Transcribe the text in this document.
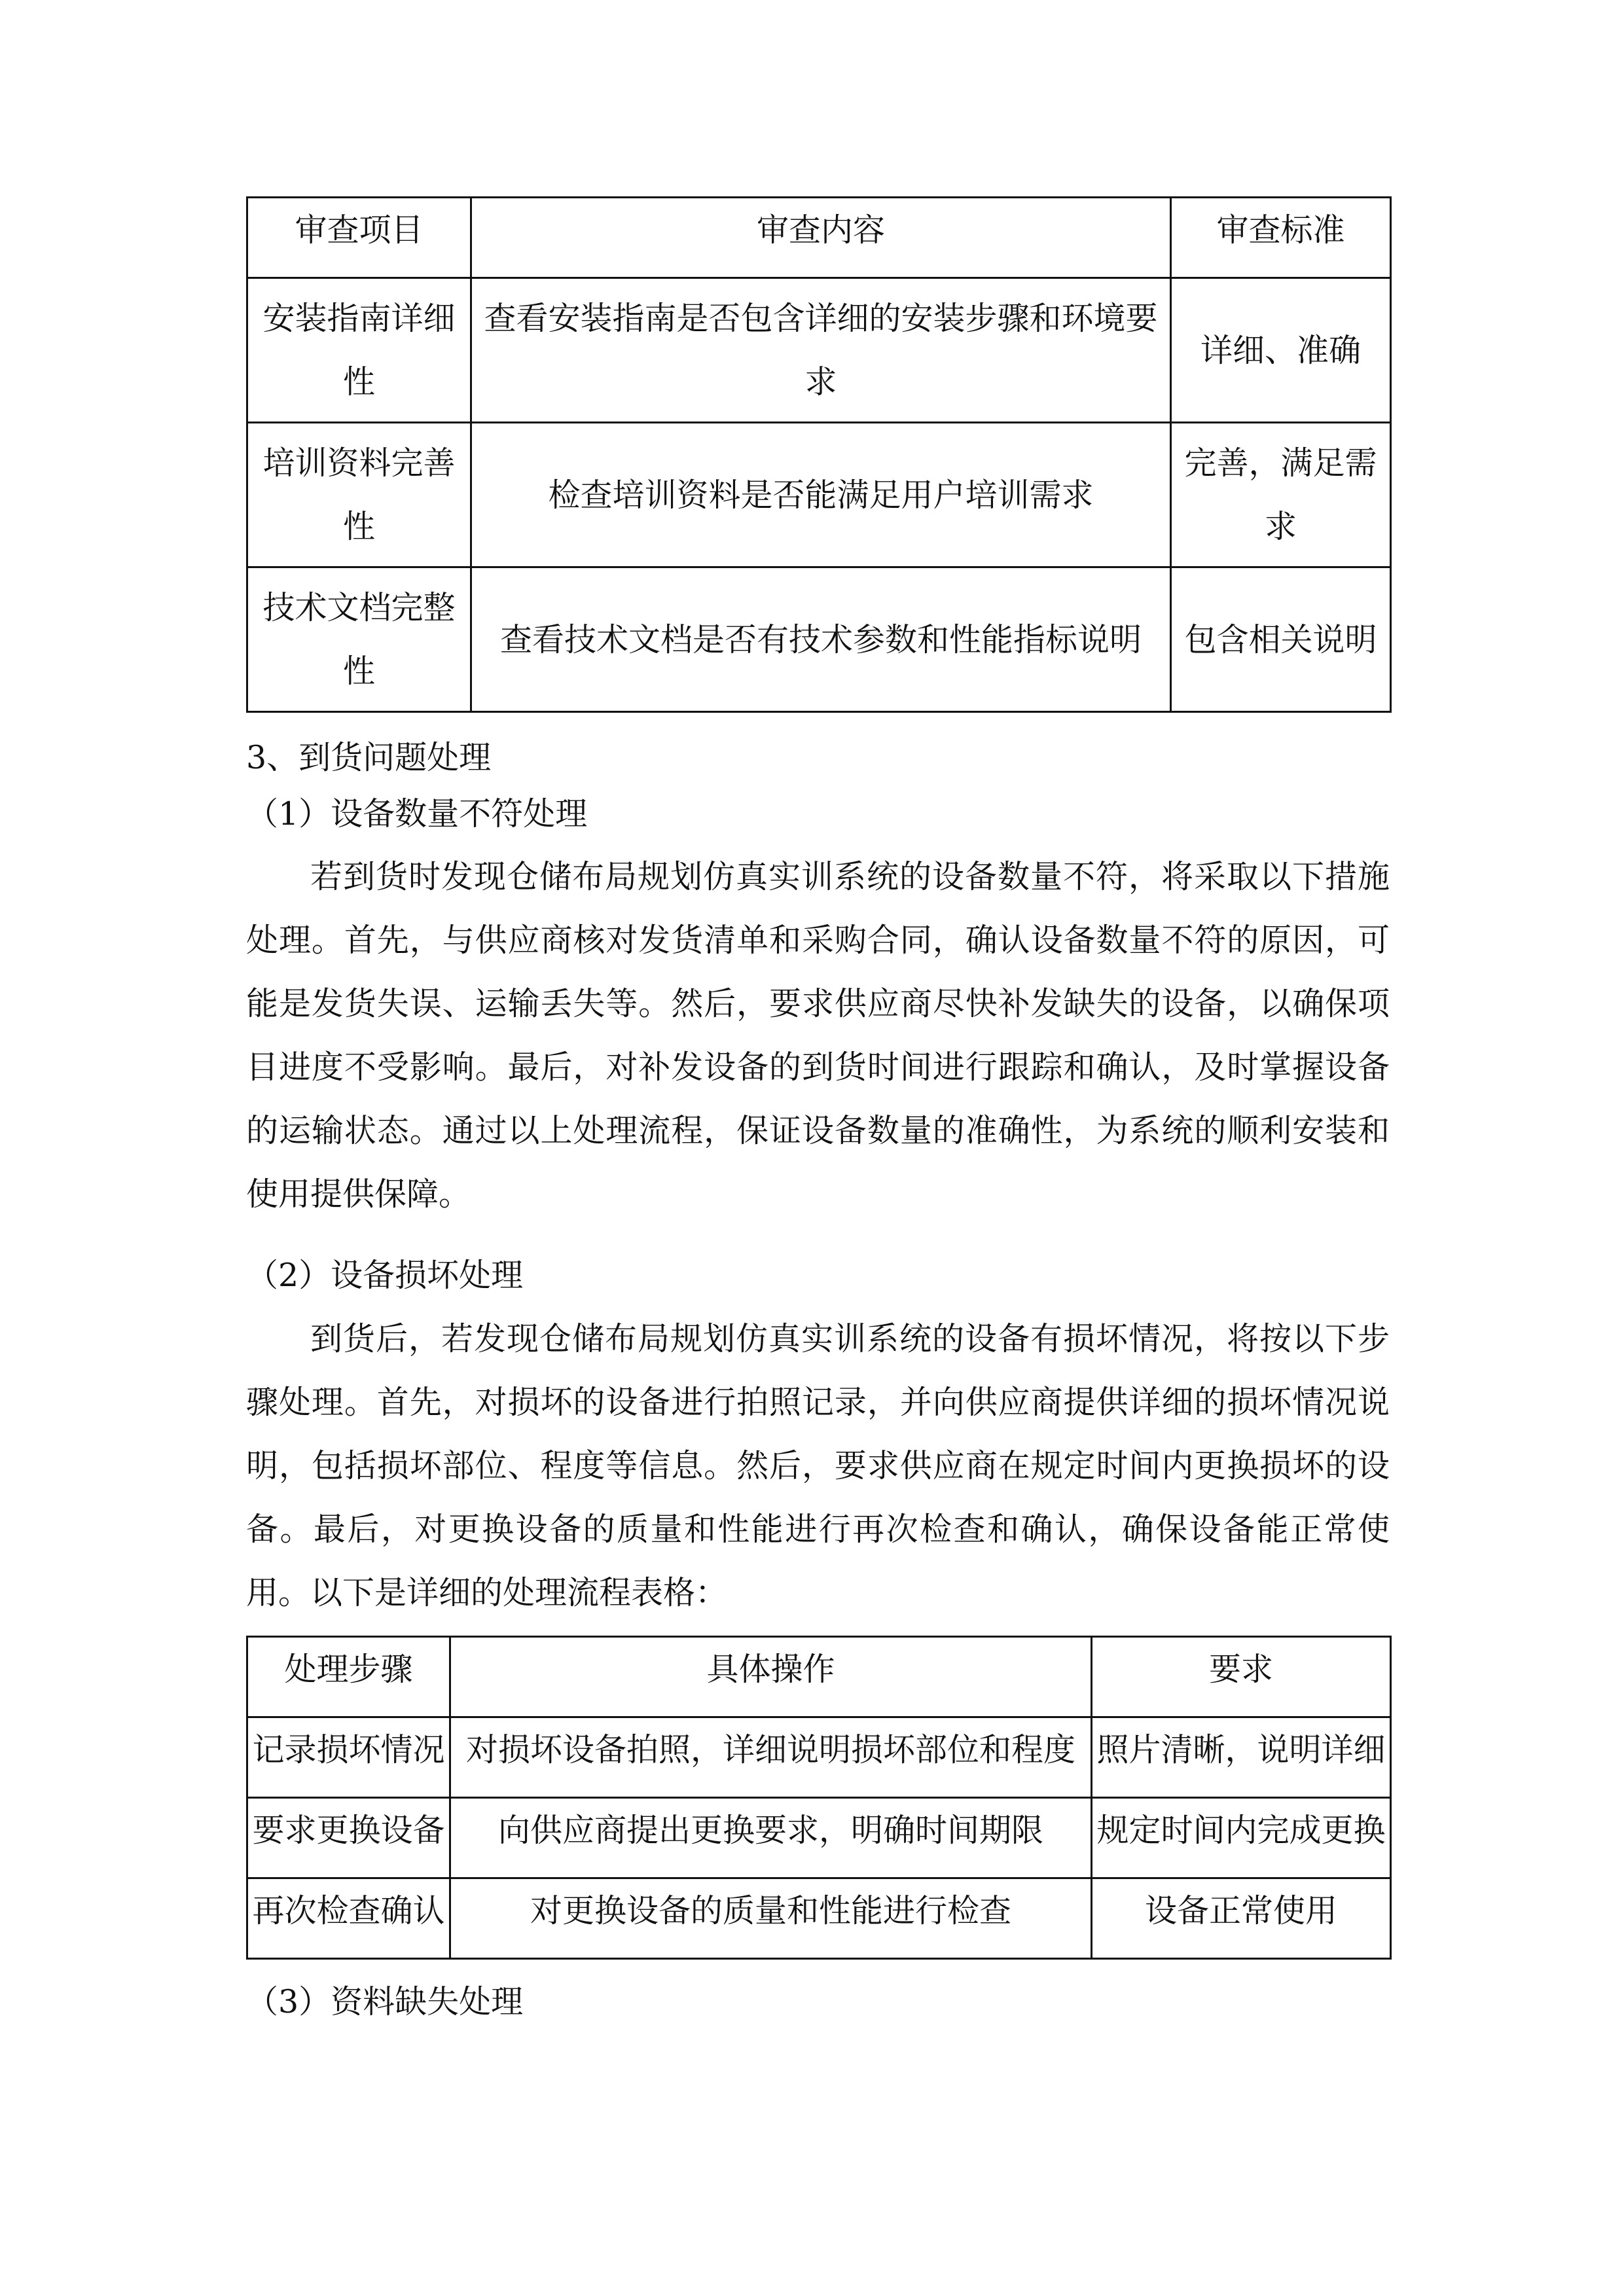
审查项目	审查内容	审查标准
安装指南详细性	查看安装指南是否包含详细的安装步骤和环境要求	详细、准确
培训资料完善性	检查培训资料是否能满足用户培训需求	完善，满足需求
技术文档完整性	查看技术文档是否有技术参数和性能指标说明	包含相关说明
3、到货问题处理
（1）设备数量不符处理
若到货时发现仓储布局规划仿真实训系统的设备数量不符，将采取以下措施处理。首先，与供应商核对发货清单和采购合同，确认设备数量不符的原因，可能是发货失误、运输丢失等。然后，要求供应商尽快补发缺失的设备，以确保项目进度不受影响。最后，对补发设备的到货时间进行跟踪和确认，及时掌握设备的运输状态。通过以上处理流程，保证设备数量的准确性，为系统的顺利安装和使用提供保障。
（2）设备损坏处理
到货后，若发现仓储布局规划仿真实训系统的设备有损坏情况，将按以下步骤处理。首先，对损坏的设备进行拍照记录，并向供应商提供详细的损坏情况说明，包括损坏部位、程度等信息。然后，要求供应商在规定时间内更换损坏的设备。最后，对更换设备的质量和性能进行再次检查和确认，确保设备能正常使用。以下是详细的处理流程表格：
处理步骤	具体操作	要求
记录损坏情况	对损坏设备拍照，详细说明损坏部位和程度	照片清晰，说明详细
要求更换设备	向供应商提出更换要求，明确时间期限	规定时间内完成更换
再次检查确认	对更换设备的质量和性能进行检查	设备正常使用
（3）资料缺失处理
